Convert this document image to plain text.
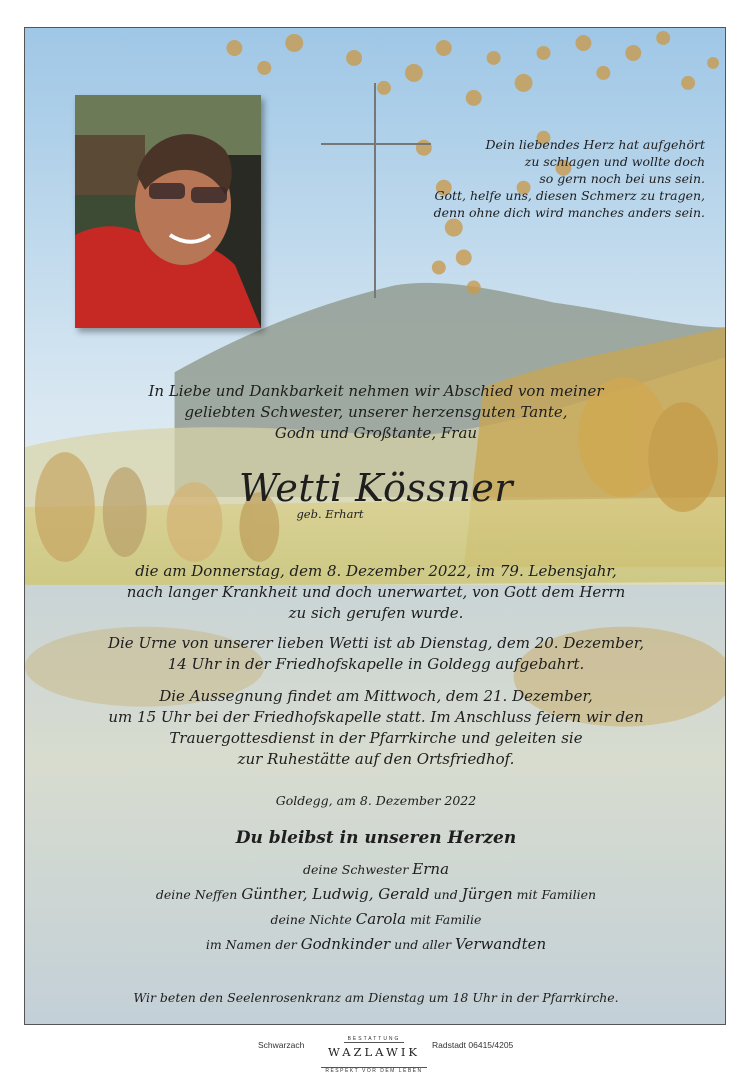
Dein liebendes Herz hat aufgehört

zu schlagen und wollte doch

so gern noch bei uns sein.

Gott, helfe uns, diesen Schmerz zu tragen,

denn ohne dich wird manches anders sein.

In Liebe und Dankbarkeit nehmen wir Abschied von meiner

geliebten Schwester, unserer herzensguten Tante,

Godn und Großtante, Frau

Wetti Kössner
geb. Erhart

die am Donnerstag, dem 8. Dezember 2022, im 79. Lebensjahr,

nach langer Krankheit und doch unerwartet, von Gott dem Herrn

zu sich gerufen wurde.

Die Urne von unserer lieben Wetti ist ab Dienstag, dem 20. Dezember,
14 Uhr in der Friedhofskapelle in Goldegg aufgebahrt.
Die Aussegnung findet am Mittwoch, dem 21. Dezember,
um 15 Uhr bei der Friedhofskapelle statt. Im Anschluss feiern wir den
Trauergottesdienst in der Pfarrkirche und geleiten sie
zur Ruhestätte auf den Ortsfriedhof.
Goldegg, am 8. Dezember 2022
Du bleibst in unseren Herzen
deine Schwester Erna
deine Neffen Günther, Ludwig, Gerald und Jürgen mit Familien
deine Nichte Carola mit Familie
im Namen der Godnkinder und aller Verwandten
Wir beten den Seelenrosenkranz am Dienstag um 18 Uhr in der Pfarrkirche.
Schwarzach
BESTATTUNG
WAZLAWIK
RESPEKT VOR DEM LEBEN
Radstadt 06415/4205
